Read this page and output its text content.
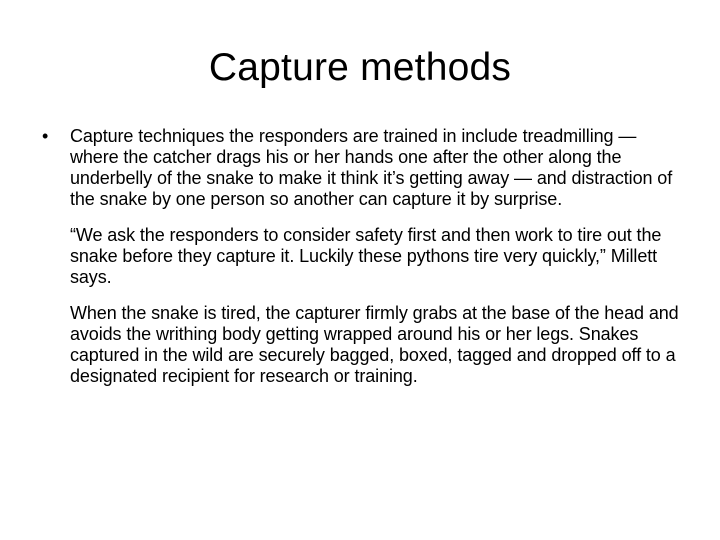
Capture methods

• Capture techniques the responders are trained in include treadmilling — where the catcher drags his or her hands one after the other along the underbelly of the snake to make it think it’s getting away — and distraction of the snake by one person so another can capture it by surprise.

“We ask the responders to consider safety first and then work to tire out the snake before they capture it. Luckily these pythons tire very quickly,” Millett says.

When the snake is tired, the capturer firmly grabs at the base of the head and avoids the writhing body getting wrapped around his or her legs. Snakes captured in the wild are securely bagged, boxed, tagged and dropped off to a designated recipient for research or training.
